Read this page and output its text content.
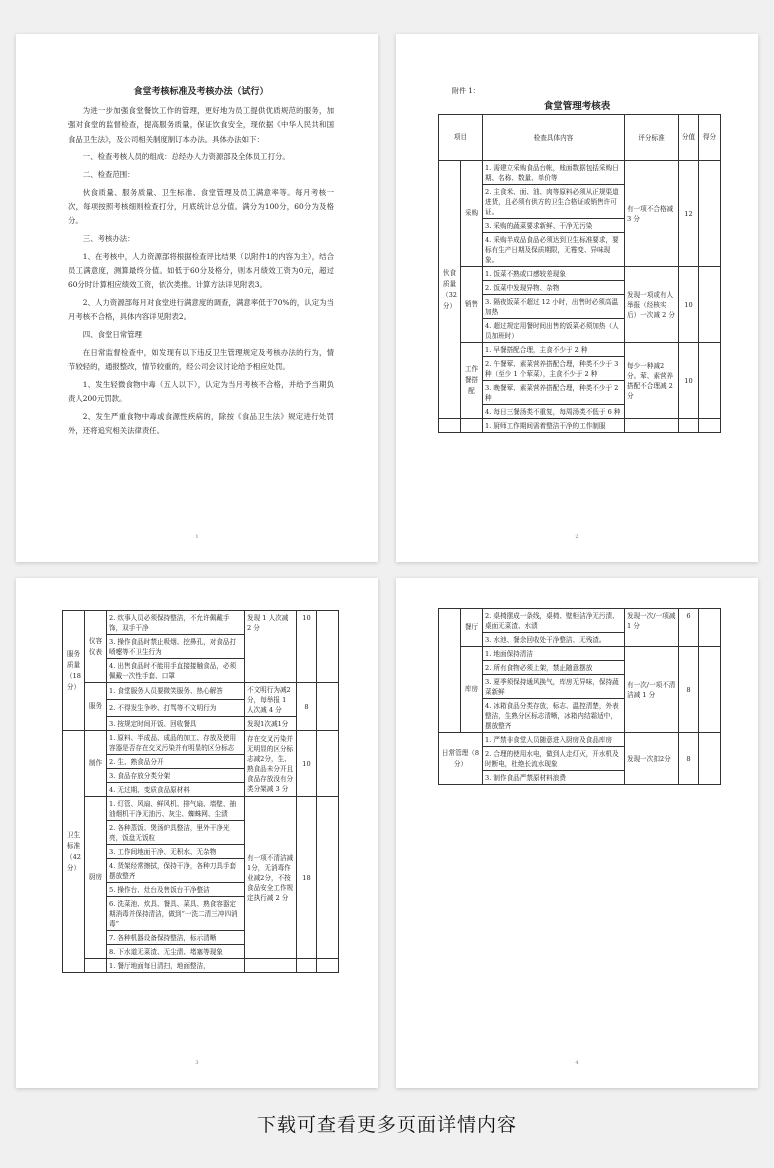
食堂考核标准及考核办法（试行）

为进一步加强食堂餐饮工作的管理，更好地为员工提供优质规范的服务，加强对食堂的监督检查，提高服务质量，保证饮食安全，现依据《中华人民共和国食品卫生法》，及公司相关制度制订本办法。具体办法如下：

一、检查考核人员的组成：总经办人力资源部及全体员工打分。

二、检查范围：

伙食质量、服务质量、卫生标准、食堂管理及员工满意率等。每月考核一次，每项按照考核细则检查打分，月底统计总分值。满分为100分，60分为及格分。

三、考核办法：

1、在考核中，人力资源部将根据检查评比结果（以附件1的内容为主），结合员工满意度，测算最终分值。如低于60分及格分，则本月绩效工资为0元，超过60分时计算相应绩效工资，依次类推。计算方法详见附表3。

2、人力资源部每月对食堂进行满意度的调查，满意率低于70%的，认定为当月考核不合格，具体内容详见附表2。

四、食堂日常管理

在日常监督检查中，如发现有以下违反卫生管理规定及考核办法的行为，情节较轻的，通报整改，情节较重的，经公司会议讨论给予相应处罚。

1、发生轻微食物中毒（五人以下），认定为当月考核不合格，并给予当期负责人200元罚款。

2、发生严重食物中毒或食源性疾病的，除按《食品卫生法》规定进行处罚外，还将追究相关法律责任。

1
附件 1：
食堂管理考核表
项目		检查具体内容	评分标准	分值	得分
伙食质量（32分）	采购	1. 需建立采购食品台帐，账面数据包括采购日期、名称、数量、单价等	有一项不合格减 3 分	12	
		2. 主食米、面、油、肉等原料必须从正规渠道进货，且必须有供方的卫生合格证或销售许可证。			
		3. 采购的蔬菜要求新鲜、干净无污染			
		4. 采购半成品食品必须达到卫生标准要求，要标有生产日期及保质期限，无霉变、异味现象。			
	销售	1. 饭菜不熟或口感较差现象	发现一项或有人举报（经核实后）一次减 2 分	10	
		2. 饭菜中发现异物、杂物			
		3. 隔夜饭菜不超过 12 小时，出售时必须高温加热			
		4. 超过规定用餐时间出售的饭菜必须加热（人员加班时）			
	工作餐搭配	1. 早餐搭配合理，主食不少于 2 种	每少一种减2分。荤、素营养搭配不合理减 2 分	10	
		2. 午餐荤、素菜营养搭配合理，种类不少于 3 种（至少 1 个荤菜），主食不少于 2 种			
		3. 晚餐荤、素菜营养搭配合理，种类不少于 2 种			
		4. 每日三餐汤类不重复，每周汤类不低于 6 种			
		1. 厨师工作期间需着整洁干净的工作制服			
2
服务质量（18分）	仪容仪表	2. 炊事人员必须保持整洁，不允许佩戴手饰，双手干净	发现 1 人次减 2 分	10	
		3. 操作食品时禁止吸烟、挖鼻孔，对食品打喷嚏等不卫生行为			
		4. 出售食品时不能用手直接接触食品，必须佩戴一次性手套、口罩			
	服务	1. 食堂服务人员要微笑服务、热心解答	不文明行为减2分，每举报 1 人次减 4 分	8	
		2. 不得发生争吵、打骂等不文明行为			
		3. 按规定时间开饭、回收餐具	发现1次减1分		
卫生标准（42分）	制作	1. 原料、半成品、成品的加工、存放及使用容器是否存在交叉污染并有明显的区分标志	存在交叉污染并无明显的区分标志减2分，生、熟食品未分开且食品存放没有分类分架减 3 分	10	
		2. 生、熟食品分开			
		3. 食品存放分类分架			
		4. 无过期、变质食品原材料			
	厨房	1. 灯管、风扇、鲜风机、排气扇、墙壁、抽油烟机干净无油污、灰尘、蜘蛛网、尘渍	有一项不清洁减1分，无消毒作业减2分，不按食品安全工作规定执行减 2 分	18	
		2. 各种蒸饭、煲汤炉具整洁，里外干净光亮，饭盘无饭粒			
		3. 工作间地面干净、无积水、无杂物			
		4. 货架经常擦拭，保持干净，各种刀具手套摆放整齐			
		5. 操作台、灶台及售饭台干净整洁			
		6. 洗菜池、炊具、餐具、菜具、熟食容器定期消毒并保持清洁，做到“一洗二清三冲四消毒”			
		7. 各种机器设备保持整洁，标示清晰			
		8. 下水道无菜渣、无尘渍、堵塞等现象			
		1. 餐厅地面每日清扫，地面整洁，			
3
	餐厅	2. 桌椅摆成一条线，桌椅、壁柜洁净无污渍、桌面无菜渣、水渍	发现一次/一项减 1 分	6	
		3. 水池、餐余回收处干净整洁、无残渣。			
	库房	1. 地面保持清洁	有一次/一项不清洁减 1 分	8	
		2. 所有食物必须上架，禁止随意摆放			
		3. 夏季须保持通风换气，库房无异味，保持蔬菜新鲜			
		4. 冰箱食品分类存放，标志、温控清楚，外表整洁，生熟分区标志清晰，冰箱内结霜适中，摆放整齐			
日常管理（8分）		1. 严禁非食堂人员随意进入厨房及食品库房	发现一次扣2分	8	
		2. 合理的使用水电，做到人走灯灭，开水机及时断电，杜绝长流水现象			
		3. 制作食品严禁原材料浪费			
4
下载可查看更多页面详情内容
